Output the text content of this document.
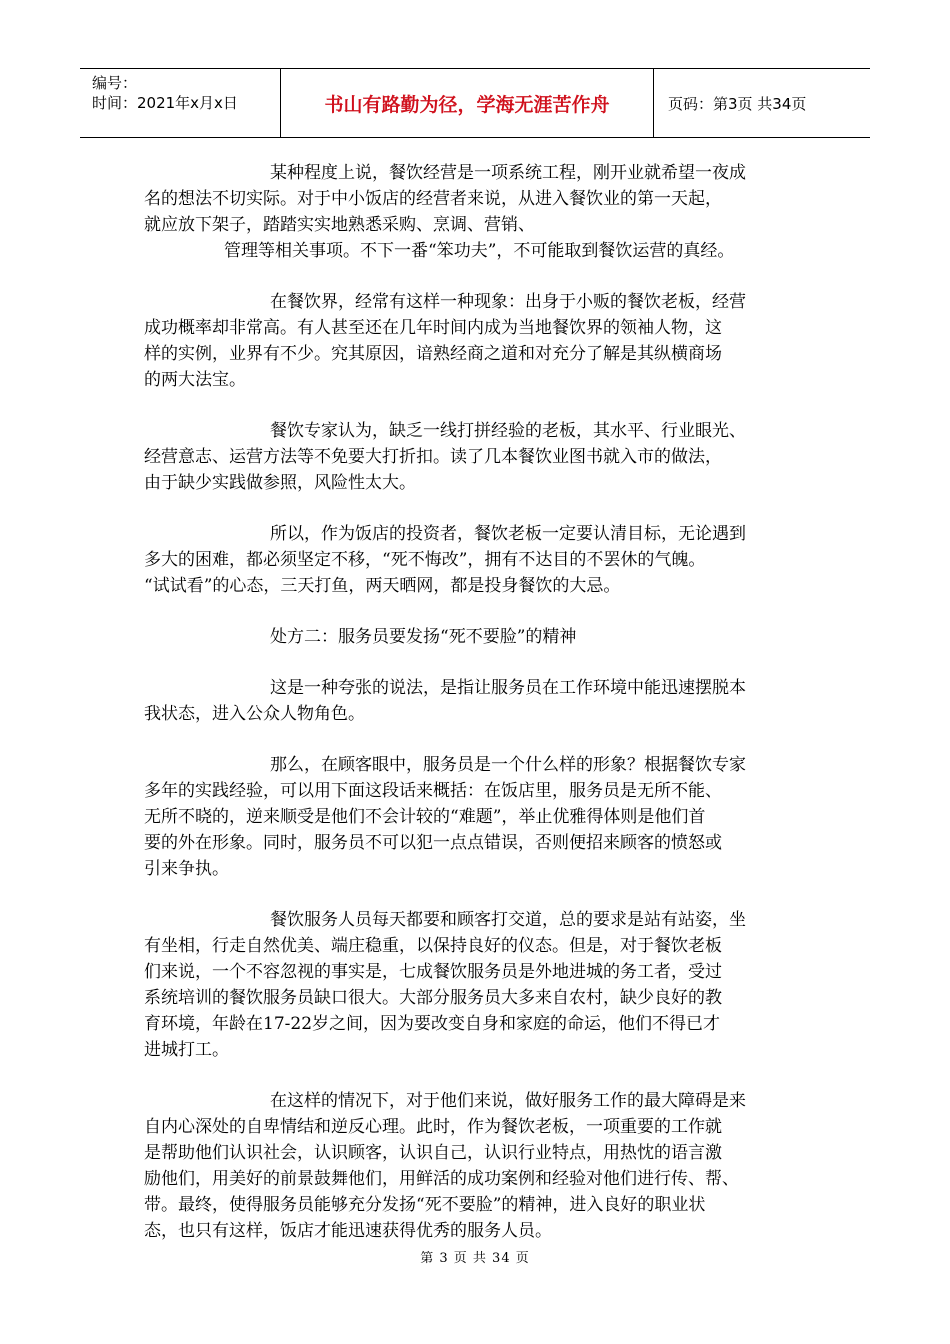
编号：
时间：2021年x月x日	书山有路勤为径，学海无涯苦作舟	页码：第3页 共34页

某种程度上说，餐饮经营是一项系统工程，刚开业就希望一夜成
名的想法不切实际。对于中小饭店的经营者来说，从进入餐饮业的第一天起，
就应放下架子，踏踏实实地熟悉采购、烹调、营销、
管理等相关事项。不下一番“笨功夫”，不可能取到餐饮运营的真经。

在餐饮界，经常有这样一种现象：出身于小贩的餐饮老板，经营
成功概率却非常高。有人甚至还在几年时间内成为当地餐饮界的领袖人物，这
样的实例，业界有不少。究其原因，谙熟经商之道和对充分了解是其纵横商场
的两大法宝。

餐饮专家认为，缺乏一线打拼经验的老板，其水平、行业眼光、
经营意志、运营方法等不免要大打折扣。读了几本餐饮业图书就入市的做法，
由于缺少实践做参照，风险性太大。

所以，作为饭店的投资者，餐饮老板一定要认清目标，无论遇到
多大的困难，都必须坚定不移，“死不悔改”，拥有不达目的不罢休的气魄。
“试试看”的心态，三天打鱼，两天晒网，都是投身餐饮的大忌。

处方二：服务员要发扬“死不要脸”的精神

这是一种夸张的说法，是指让服务员在工作环境中能迅速摆脱本
我状态，进入公众人物角色。

那么，在顾客眼中，服务员是一个什么样的形象？根据餐饮专家
多年的实践经验，可以用下面这段话来概括：在饭店里，服务员是无所不能、
无所不晓的，逆来顺受是他们不会计较的“难题”，举止优雅得体则是他们首
要的外在形象。同时，服务员不可以犯一点点错误，否则便招来顾客的愤怒或
引来争执。

餐饮服务人员每天都要和顾客打交道，总的要求是站有站姿，坐
有坐相，行走自然优美、端庄稳重，以保持良好的仪态。但是，对于餐饮老板
们来说，一个不容忽视的事实是，七成餐饮服务员是外地进城的务工者，受过
系统培训的餐饮服务员缺口很大。大部分服务员大多来自农村，缺少良好的教
育环境，年龄在17-22岁之间，因为要改变自身和家庭的命运，他们不得已才
进城打工。

在这样的情况下，对于他们来说，做好服务工作的最大障碍是来
自内心深处的自卑情结和逆反心理。此时，作为餐饮老板，一项重要的工作就
是帮助他们认识社会，认识顾客，认识自己，认识行业特点，用热忱的语言激
励他们，用美好的前景鼓舞他们，用鲜活的成功案例和经验对他们进行传、帮、
带。最终，使得服务员能够充分发扬“死不要脸”的精神，进入良好的职业状
态，也只有这样，饭店才能迅速获得优秀的服务人员。

第 3 页 共 34 页
